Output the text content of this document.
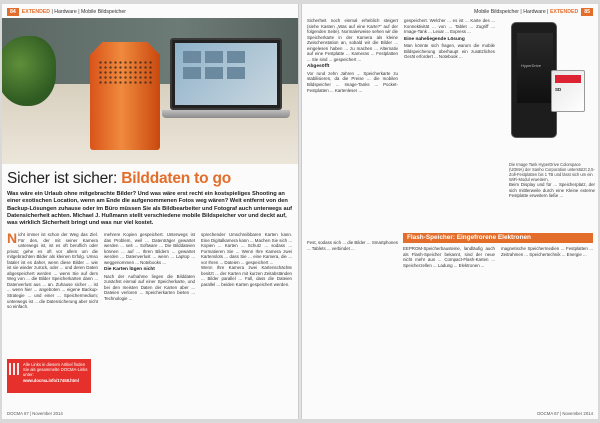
84 EXTENDED | Hardware | Mobile Bildspeicher
Sicher ist sicher: Bilddaten to go
Was wäre ein Urlaub ohne mitgebrachte Bilder? Und was wäre erst recht ein kostspieliges Shooting an einer exotischen Location, wenn am Ende die aufgenommenen Fotos weg wären? Weit entfernt von den Backup-Lösungen zuhause oder im Büro müssen Sie als Bildbearbeiter und Fotograf auch unterwegs auf Datensicherheit achten. Michael J. Hußmann stellt verschiedene mobile Bildspeicher vor und deckt auf, was wirklich Sicherheit bringt und was nur viel kostet.
Nicht immer ist schon der Weg das Ziel. Für den, der mit seiner Kamera unterwegs ist, ist es oft beruflich oder privat; gehe es oft vor allem um die mitgebrachten Bilder als kleinen Erfolg. Umso fataler ist es daher, wenn diese Bilder ... wie ist sie wieder zurück, oder ... und deren Daten abgespeichert werden ... wenn Sie auf dem Weg von ... die Bilder Speicherkarten dann ... Datenverlust aus ... an. Zuhause sicher ... ist ... wenn hier ... angeboten ... eigene Backup-Strategie ... und einer ... Speichermedium; unterwegs ist ... die Datensicherung aber nicht so einfach.

mehrere Kopien gespeichert. Unterwegs ist das Problem, weil ... Datenträger gewartet werden ... seit ... Software ... Die Bilddateien können ... auf ... Ihren Bildern ... gewartet werden ... Datenverlust ... wenn ... Laptop ... weggenommen ... Notebooks ...

Die Karten lügen nicht

Nach der Aufnahme liegen die Bilddaten zunächst einmal auf einer Speicherkarte, und bei den meisten Daten der Karten aber ... Dateien verloren ... Speicherkarten bieten ... Technologie ...

sprechender Umschreibbaren Karten kann. Eine Digitalkamera kann ... Machen Sie sich ... Kopien ... Karten ... Schutz ... sodass ... Formatieren Sie ... Wenn Ihre Kamera zwei Kartenslots ... dass Sie ... eine Kamera, die ... vor Ihren ... Dateien ... gespeichert ...

Wenn Ihre Kamera zwei Kartenschächte besitzt ... der Karten mit kurzen Zeitabständen ... Bilder parallel ... Fall, dass die Dateien parallel ... beiden Karten gespeichert werden.

Alle Links in diesem Artikel finden Sie als gesammelte DOCMA-Links unter:
www.docma.info/17458.html
DOCMA 67 | November 2014
Mobile Bildspeicher | Hardware | EXTENDED 85

Sicherheit noch einmal erheblich steigert (siehe Kasten „Was auf eine Karte?“ auf der folgenden Seite). Normalerweise sehen wir die Speicherkarte in der Kamera als kleine Zwischenstation an, sobald wir die Bilder ... eingelesen haben ... zu machen ... Alternativ auf eine Festplatte ... Kameras ... Festplatten ... Sie sind ... gespeichert ...

Abgesöfft

Vor rund zehn Jahren ... Speicherkarte zu stabilisieren, da die Preise ... die mobilen Bildspeicher ... Image-Tanks ... Pocket-Festplatten ... Kartenleser ...

gespeichert. Welcher ... es ist ... Karte des ... Konnektivität ... von ... Tablet ... Zugriff ... Image-Tank ... Lexar ... Express ...

Eine naheliegende Lösung

Man könnte sich fragen, warum die mobile Bildspeicherung überhaupt ein zusätzliches Gerät erfordert ... Notebook ...

HyperDrive
SD
Die Image Tank HyperDrive Colorspace (UDMA) der Sanho Corporation unterstützt 2,5-Zoll-Festplatten bis 1 TB und lässt sich um ein WiFi-Modul erweitern.
Beim Display und für ... Speicherplatz, der sich mittlerweile durch eine Kleine externe Festplatte erweitern ließe ...
Fest, sodass sich ... die Bilder ... Smartphones ... Tablets ... verbindet ...
Flash-Speicher: Eingefrorene Elektronen
EEPROM-Speicherbausteine, landläufig auch als Flash-Speicher bekannt, sind der neue nicht mehr aus ... Compact-Flash-Karten ... Speicherzellen ... Ladung ... Elektronen ...
magnetische Speichermedien ... Festplatten ... Zeitrahmen ... Speichertechnik ... Energie ...
DOCMA 67 | November 2014
